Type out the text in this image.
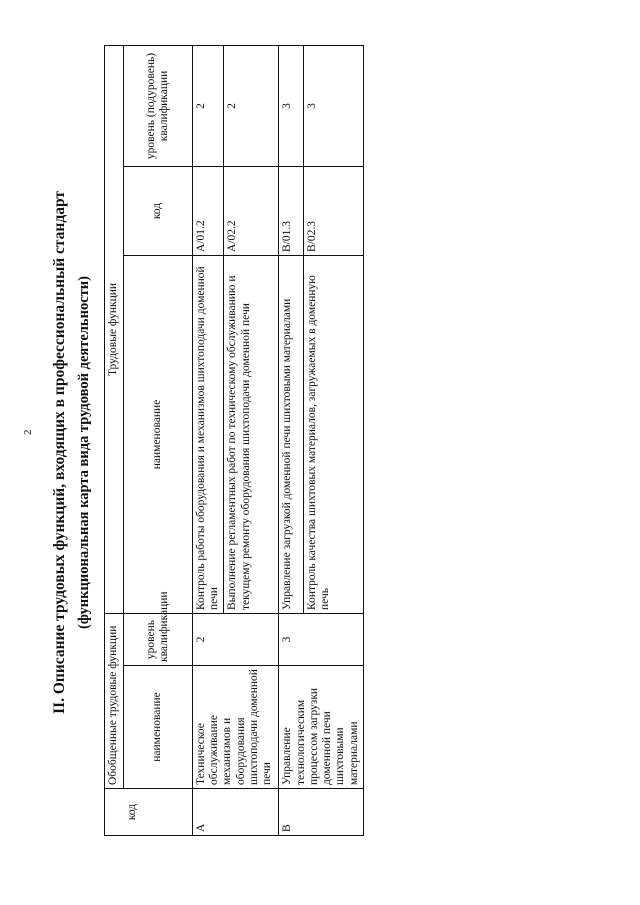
2 II. Описание трудовых функций, входящих в профессиональный стандарт (функциональная карта вида трудовой деятельности)
	Обобщенные трудовые функции		Трудовые функции		
код	наименование	уровень квалификации	наименование	код	уровень (подуровень) квалификации
A	Техническое обслуживание механизмов и оборудования шихтоподачи доменной печи	2	Контроль работы оборудования и механизмов шихтоподачи доменной печи	A/01.2	2
			Выполнение регламентных работ по техническому обслуживанию и текущему ремонту оборудования шихтоподачи доменной печи	A/02.2	2
B	Управление технологическим процессом загрузки доменной печи шихтовыми материалами	3	Управление загрузкой доменной печи шихтовыми материалами	B/01.3	3
			Контроль качества шихтовых материалов, загружаемых в доменную печь	B/02.3	3
